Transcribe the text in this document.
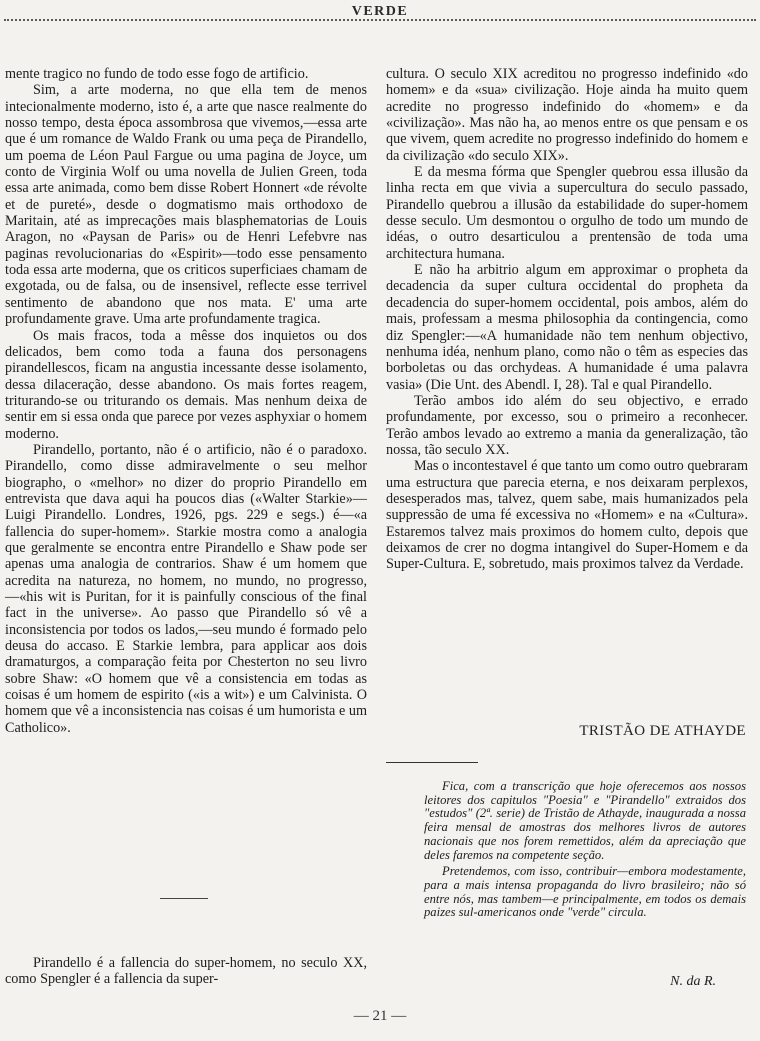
VERDE

mente tragico no fundo de todo esse fogo de artificio.

Sim, a arte moderna, no que ella tem de menos intecionalmente moderno, isto é, a arte que nasce realmente do nosso tempo, desta época assombrosa que vivemos,—essa arte que é um romance de Waldo Frank ou uma peça de Pirandello, um poema de Léon Paul Fargue ou uma pagina de Joyce, um conto de Virginia Wolf ou uma novella de Julien Green, toda essa arte animada, como bem disse Robert Honnert «de révolte et de pureté», desde o dogmatismo mais orthodoxo de Maritain, até as imprecações mais blasphematorias de Louis Aragon, no «Paysan de Paris» ou de Henri Lefebvre nas paginas revolucionarias do «Espirit»—todo esse pensamento toda essa arte moderna, que os criticos superficiaes chamam de exgotada, ou de falsa, ou de insensivel, reflecte esse terrivel sentimento de abandono que nos mata. E' uma arte profundamente grave. Uma arte profundamente tragica.

Os mais fracos, toda a mêsse dos inquietos ou dos delicados, bem como toda a fauna dos personagens pirandellescos, ficam na angustia incessante desse isolamento, dessa dilaceração, desse abandono. Os mais fortes reagem, triturando-se ou triturando os demais. Mas nenhum deixa de sentir em si essa onda que parece por vezes asphyxiar o homem moderno.

Pirandello, portanto, não é o artificio, não é o paradoxo. Pirandello, como disse admiravelmente o seu melhor biographo, o «melhor» no dizer do proprio Pirandello em entrevista que dava aqui ha poucos dias («Walter Starkie»—Luigi Pirandello. Londres, 1926, pgs. 229 e segs.) é—«a fallencia do super-homem». Starkie mostra como a analogia que geralmente se encontra entre Pirandello e Shaw pode ser apenas uma analogia de contrarios. Shaw é um homem que acredita na natureza, no homem, no mundo, no progresso,—«his wit is Puritan, for it is painfully conscious of the final fact in the universe». Ao passo que Pirandello só vê a inconsistencia por todos os lados,—seu mundo é formado pelo deusa do accaso. E Starkie lembra, para applicar aos dois dramaturgos, a comparação feita por Chesterton no seu livro sobre Shaw: «O homem que vê a consistencia em todas as coisas é um homem de espirito («is a wit») e um Calvinista. O homem que vê a inconsistencia nas coisas é um humorista e um Catholico».

Pirandello é a fallencia do super-homem, no seculo XX, como Spengler é a fallencia da super-

cultura. O seculo XIX acreditou no progresso indefinido «do homem» e da «sua» civilização. Hoje ainda ha muito quem acredite no progresso indefinido do «homem» e da «civilização». Mas não ha, ao menos entre os que pensam e os que vivem, quem acredite no progresso indefinido do homem e da civilização «do seculo XIX».

E da mesma fórma que Spengler quebrou essa illusão da linha recta em que vivia a supercultura do seculo passado, Pirandello quebrou a illusão da estabilidade do super-homem desse seculo. Um desmontou o orgulho de todo um mundo de idéas, o outro desarticulou a prentensão de toda uma architectura humana.

E não ha arbitrio algum em approximar o propheta da decadencia da super cultura occidental do propheta da decadencia do super-homem occidental, pois ambos, além do mais, professam a mesma philosophia da contingencia, como diz Spengler:—«A humanidade não tem nenhum objectivo, nenhuma idéa, nenhum plano, como não o têm as especies das borboletas ou das orchydeas. A humanidade é uma palavra vasia» (Die Unt. des Abendl. I, 28). Tal e qual Pirandello.

Terão ambos ido além do seu objectivo, e errado profundamente, por excesso, sou o primeiro a reconhecer. Terão ambos levado ao extremo a mania da generalização, tão nossa, tão seculo XX.

Mas o incontestavel é que tanto um como outro quebraram uma estructura que parecia eterna, e nos deixaram perplexos, desesperados mas, talvez, quem sabe, mais humanizados pela suppressão de uma fé excessiva no «Homem» e na «Cultura». Estaremos talvez mais proximos do homem culto, depois que deixamos de crer no dogma intangivel do Super-Homem e da Super-Cultura. E, sobretudo, mais proximos talvez da Verdade.

TRISTÃO DE ATHAYDE

Fica, com a transcrição que hoje oferecemos aos nossos leitores dos capitulos "Poesia" e "Pirandello" extraidos dos "estudos" (2ª. serie) de Tristão de Athayde, inaugurada a nossa feira mensal de amostras dos melhores livros de autores nacionais que nos forem remettidos, além da apreciação que deles faremos na competente seção.

Pretendemos, com isso, contribuir—embora modestamente, para a mais intensa propaganda do livro brasileiro; não só entre nós, mas tambem—e principalmente, em todos os demais paizes sul-americanos onde "verde" circula.

N. da R.
— 21 —
